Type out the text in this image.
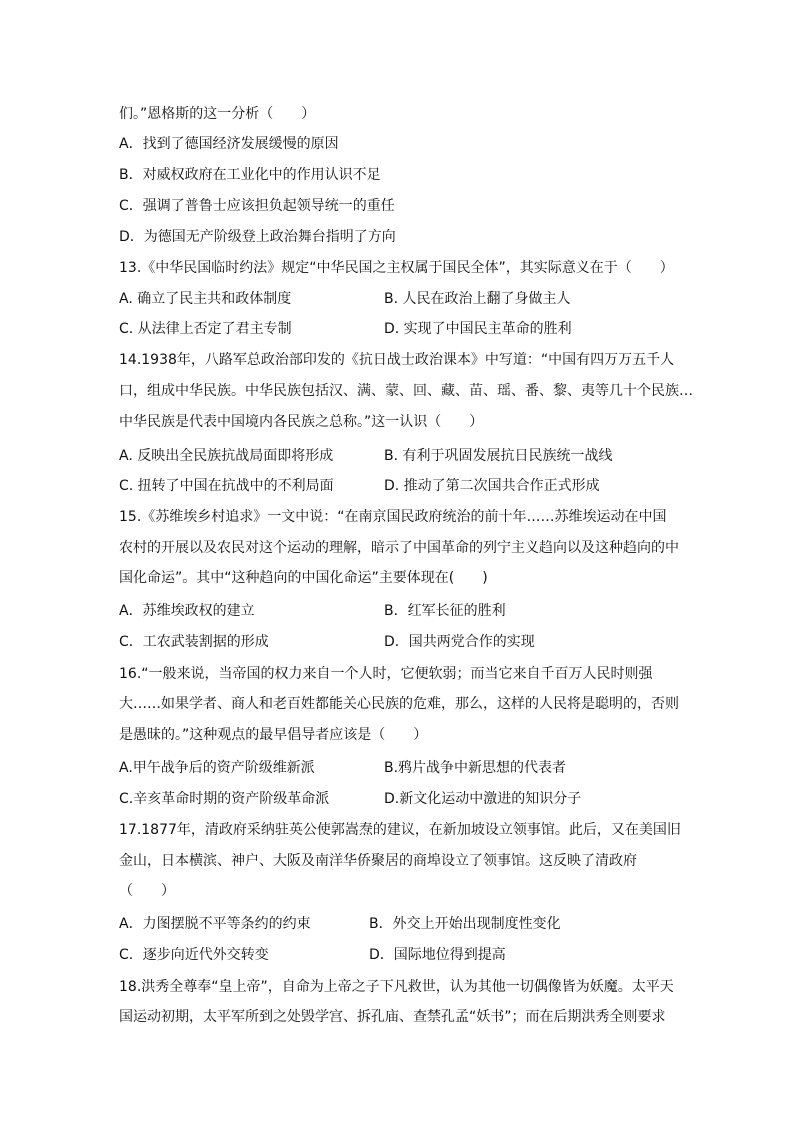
们。”恩格斯的这一分析（　　）
A．找到了德国经济发展缓慢的原因
B．对威权政府在工业化中的作用认识不足
C．强调了普鲁士应该担负起领导统一的重任
D．为德国无产阶级登上政治舞台指明了方向
13.《中华民国临时约法》规定“中华民国之主权属于国民全体”，其实际意义在于（　　）
A. 确立了民主共和政体制度	B. 人民在政治上翻了身做主人
C. 从法律上否定了君主专制	D. 实现了中国民主革命的胜利
14.1938年，八路军总政治部印发的《抗日战士政治课本》中写道：“中国有四万万五千人
口，组成中华民族。中华民族包括汉、满、蒙、回、藏、苗、瑶、番、黎、夷等几十个民族…
中华民族是代表中国境内各民族之总称。”这一认识（　　）
A. 反映出全民族抗战局面即将形成	B. 有利于巩固发展抗日民族统一战线
C. 扭转了中国在抗战中的不利局面	D. 推动了第二次国共合作正式形成
15.《苏维埃乡村追求》一文中说：“在南京国民政府统治的前十年……苏维埃运动在中国
农村的开展以及农民对这个运动的理解，暗示了中国革命的列宁主义趋向以及这种趋向的中
国化命运”。其中“这种趋向的中国化命运”主要体现在(　　)
A．苏维埃政权的建立	B．红军长征的胜利
C．工农武装割据的形成	D．国共两党合作的实现
16.“一般来说，当帝国的权力来自一个人时，它便软弱；而当它来自千百万人民时则强
大……如果学者、商人和老百姓都能关心民族的危难，那么，这样的人民将是聪明的，否则
是愚昧的。”这种观点的最早倡导者应该是（　　）
A.甲午战争后的资产阶级维新派	B.鸦片战争中新思想的代表者
C.辛亥革命时期的资产阶级革命派	D.新文化运动中激进的知识分子
17.1877年，清政府采纳驻英公使郭嵩焘的建议，在新加坡设立领事馆。此后，又在美国旧
金山，日本横滨、神户、大阪及南洋华侨聚居的商埠设立了领事馆。这反映了清政府
（　　）
A．力图摆脱不平等条约的约束	B．外交上开始出现制度性变化
C．逐步向近代外交转变	D．国际地位得到提高
18.洪秀全尊奉“皇上帝”，自命为上帝之子下凡救世，认为其他一切偶像皆为妖魔。太平天
国运动初期，太平军所到之处毁学宫、拆孔庙、查禁孔孟“妖书”；而在后期洪秀全则要求
